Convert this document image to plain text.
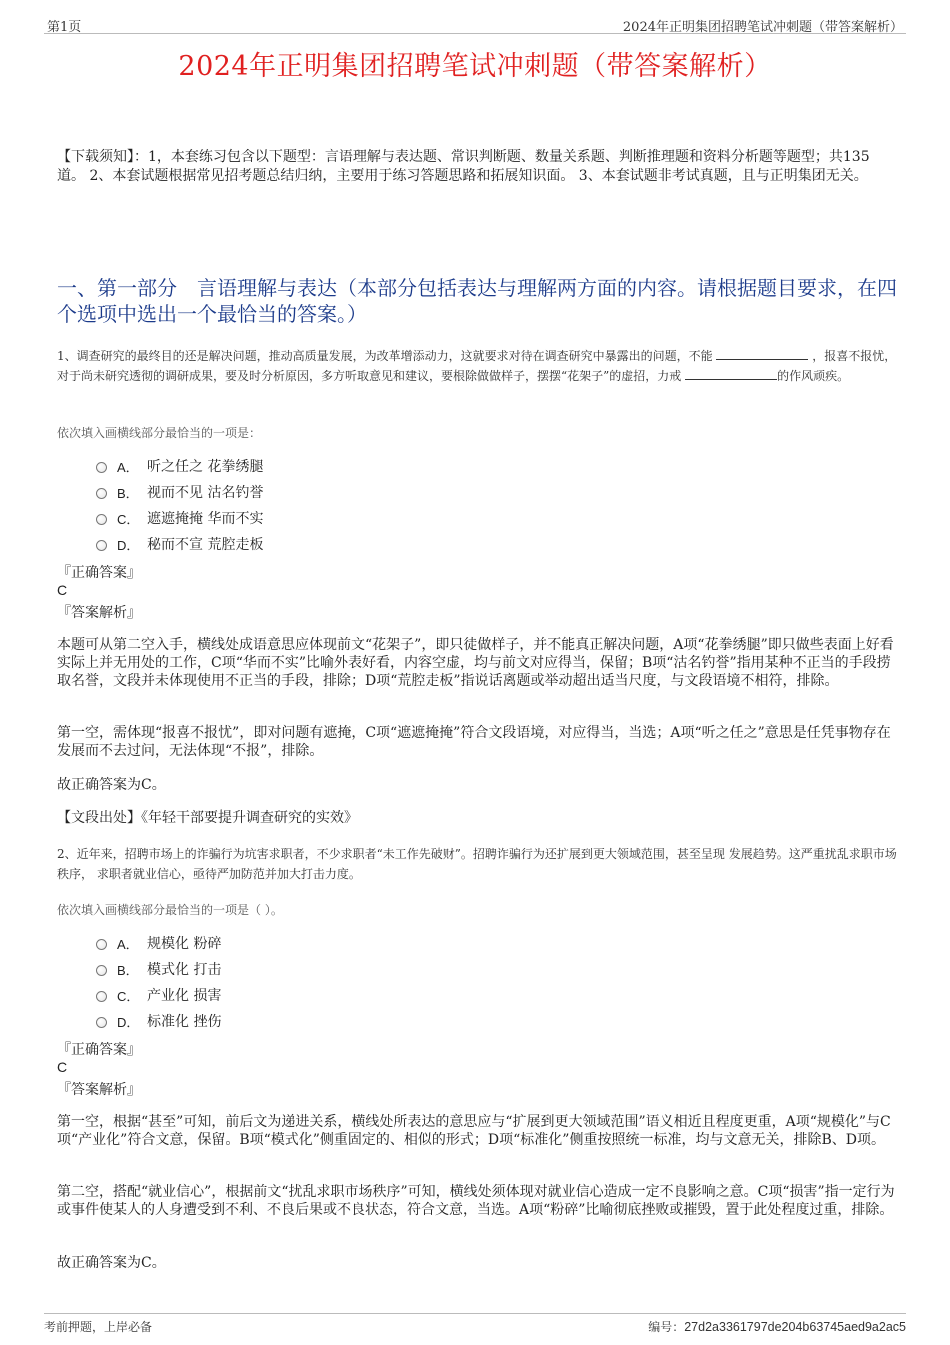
第1页	2024年正明集团招聘笔试冲刺题（带答案解析）
2024年正明集团招聘笔试冲刺题（带答案解析）
【下载须知】：1，本套练习包含以下题型：言语理解与表达题、常识判断题、数量关系题、判断推理题和资料分析题等题型；共135道。 2、本套试题根据常见招考题总结归纳，主要用于练习答题思路和拓展知识面。 3、本套试题非考试真题，且与正明集团无关。
一、第一部分　言语理解与表达（本部分包括表达与理解两方面的内容。请根据题目要求，在四个选项中选出一个最恰当的答案。）
1、调查研究的最终目的还是解决问题，推动高质量发展，为改革增添动力，这就要求对待在调查研究中暴露出的问题，不能	，报喜不报忧，对于尚未研究透彻的调研成果，要及时分析原因，多方听取意见和建议，要根除做做样子，摆摆“花架子”的虚招，力戒	的作风顽疾。
依次填入画横线部分最恰当的一项是：
A． 听之任之 花拳绣腿
B． 视而不见 沽名钓誉
C． 遮遮掩掩 华而不实
D． 秘而不宣 荒腔走板
『正确答案』
C
『答案解析』
本题可从第二空入手，横线处成语意思应体现前文“花架子”，即只徒做样子，并不能真正解决问题，A项“花拳绣腿”即只做些表面上好看实际上并无用处的工作，C项“华而不实”比喻外表好看，内容空虚，均与前文对应得当，保留；B项“沽名钓誉”指用某种不正当的手段捞取名誉，文段并未体现使用不正当的手段，排除；D项“荒腔走板”指说话离题或举动超出适当尺度，与文段语境不相符，排除。
第一空，需体现“报喜不报忧”，即对问题有遮掩，C项“遮遮掩掩”符合文段语境，对应得当，当选；A项“听之任之”意思是任凭事物存在发展而不去过问，无法体现“不报”，排除。
故正确答案为C。
【文段出处】《年轻干部要提升调查研究的实效》
2、近年来，招聘市场上的诈骗行为坑害求职者，不少求职者“未工作先破财”。招聘诈骗行为还扩展到更大领域范围，甚至呈现 发展趋势。这严重扰乱求职市场秩序， 求职者就业信心，亟待严加防范并加大打击力度。
依次填入画横线部分最恰当的一项是（ ）。
A． 规模化 粉碎
B． 模式化 打击
C． 产业化 损害
D． 标准化 挫伤
『正确答案』
C
『答案解析』
第一空，根据“甚至”可知，前后文为递进关系，横线处所表达的意思应与“扩展到更大领域范围”语义相近且程度更重，A项“规模化”与C项“产业化”符合文意，保留。B项“模式化”侧重固定的、相似的形式；D项“标准化”侧重按照统一标准，均与文意无关，排除B、D项。
第二空，搭配“就业信心”，根据前文“扰乱求职市场秩序”可知，横线处须体现对就业信心造成一定不良影响之意。C项“损害”指一定行为或事件使某人的人身遭受到不利、不良后果或不良状态，符合文意，当选。A项“粉碎”比喻彻底挫败或摧毁，置于此处程度过重，排除。
故正确答案为C。
考前押题，上岸必备	编号：27d2a3361797de204b63745aed9a2ac5
